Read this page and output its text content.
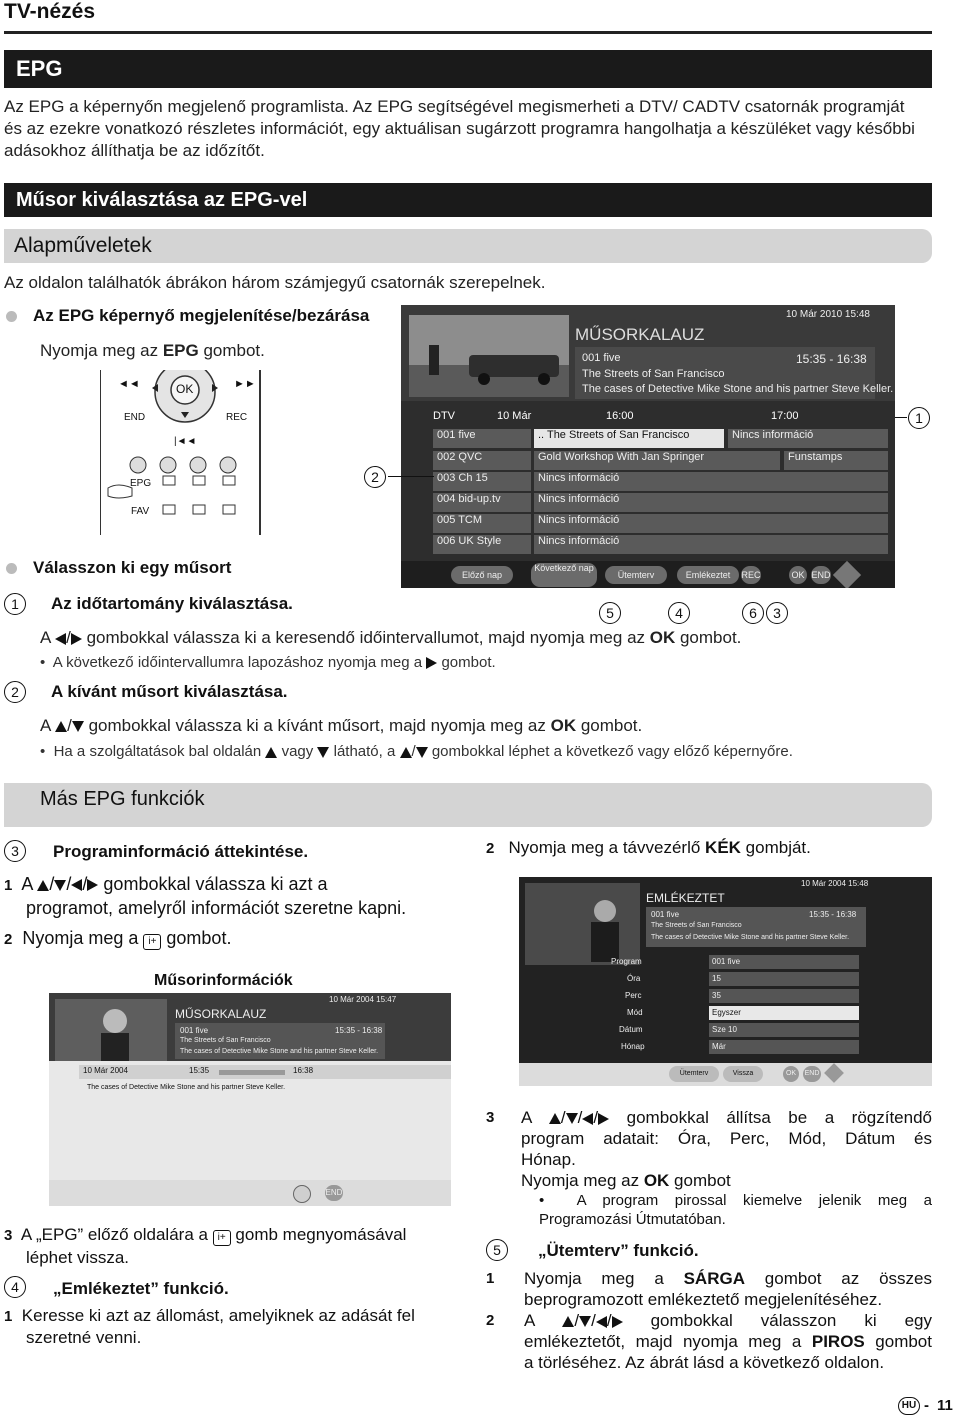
TV-nézés
EPG
Az EPG a képernyőn megjelenő programlista. Az EPG segítségével megismerheti a DTV/ CADTV csatornák programját
és az ezekre vonatkozó részletes információt, egy aktuálisan sugárzott programra hangolhatja a készüléket vagy későbbi
adásokhoz állíthatja be az időzítőt.
Műsor kiválasztása az EPG-vel
Alapműveletek
Az oldalon találhatók ábrákon három számjegyű csatornák szerepelnek.
Az EPG képernyő megjelenítése/bezárása
Nyomja meg az EPG gombot.
OK
◄◄	►►
END	REC
|◄◄
EPG
FAV
10 Már 2010 15:48
MŰSORKALAUZ
001 five	15:35 - 16:38
The Streets of San Francisco
The cases of Detective Mike Stone and his partner Steve Keller.
DTV	10 Már	16:00	17:00
001 five	.. The Streets of San Francisco	Nincs információ
002 QVC	Gold Workshop With Jan Springer	Funstamps
003 Ch 15	Nincs információ
004 bid-up.tv	Nincs információ
005 TCM	Nincs információ
006 UK Style	Nincs információ
Előző nap
Következő nap
Ütemterv	Emlékeztet	REC	OK END
1
2
5	4	6	3
Válasszon ki egy műsort
1	Az időtartomány kiválasztása.
A / gombokkal válassza ki a keresendő időintervallumot, majd nyomja meg az OK gombot.
•  A következő időintervallumra lapozáshoz nyomja meg a  gombot.
2	A kívánt műsort kiválasztása.
A / gombokkal válassza ki a kívánt műsort, majd nyomja meg az OK gombot.
•  Ha a szolgáltatások bal oldalán  vagy  látható, a / gombokkal léphet a következő vagy előző képernyőre.
Más EPG funkciók
3	Programinformáció áttekintése.
1 A / / / gombokkal válassza ki azt a
programot, amelyről információt szeretne kapni.
2 Nyomja meg a i+ gombot.
Műsorinformációk
10 Már 2004 15:47
MŰSORKALAUZ
001 five	15:35 - 16:38
The Streets of San Francisco
The cases of Detective Mike Stone and his partner Steve Keller.
10 Már 2004	15:35	16:38
The cases of Detective Mike Stone and his partner Steve Keller.
END
3 A „EPG” előző oldalára a i+ gomb megnyomásával
léphet vissza.
4	„Emlékeztet” funkció.
1 Keresse ki azt az állomást, amelyiknek az adását fel
szeretné venni.
2 Nyomja meg a távvezérlő KÉK gombját.
10 Már 2004 15:48
EMLÉKEZTET
001 five	15:35 - 16:38
The Streets of San Francisco
The cases of Detective Mike Stone and his partner Steve Keller.
Program	001 five
Óra	15
Perc	35
Mód	Egyszer
Dátum	Sze 10
Hónap	Már
Ütemterv	Vissza	OK	END
3	A / / / gombokkal állítsa be a rögzítendő
program adatait: Óra, Perc, Mód, Dátum és
Hónap.
Nyomja meg az OK gombot
•  A program pirossal kiemelve jelenik meg a
Programozási Útmutatóban.
5	„Ütemterv” funkció.
1	Nyomja meg a SÁRGA gombot az összes
beprogramozott emlékeztető megjelenítéséhez.
2	A / / / gombokkal válasszon ki egy
emlékeztetőt, majd nyomja meg a PIROS gombot
a törléséhez. Az ábrát lásd a következő oldalon.
HU - 11
